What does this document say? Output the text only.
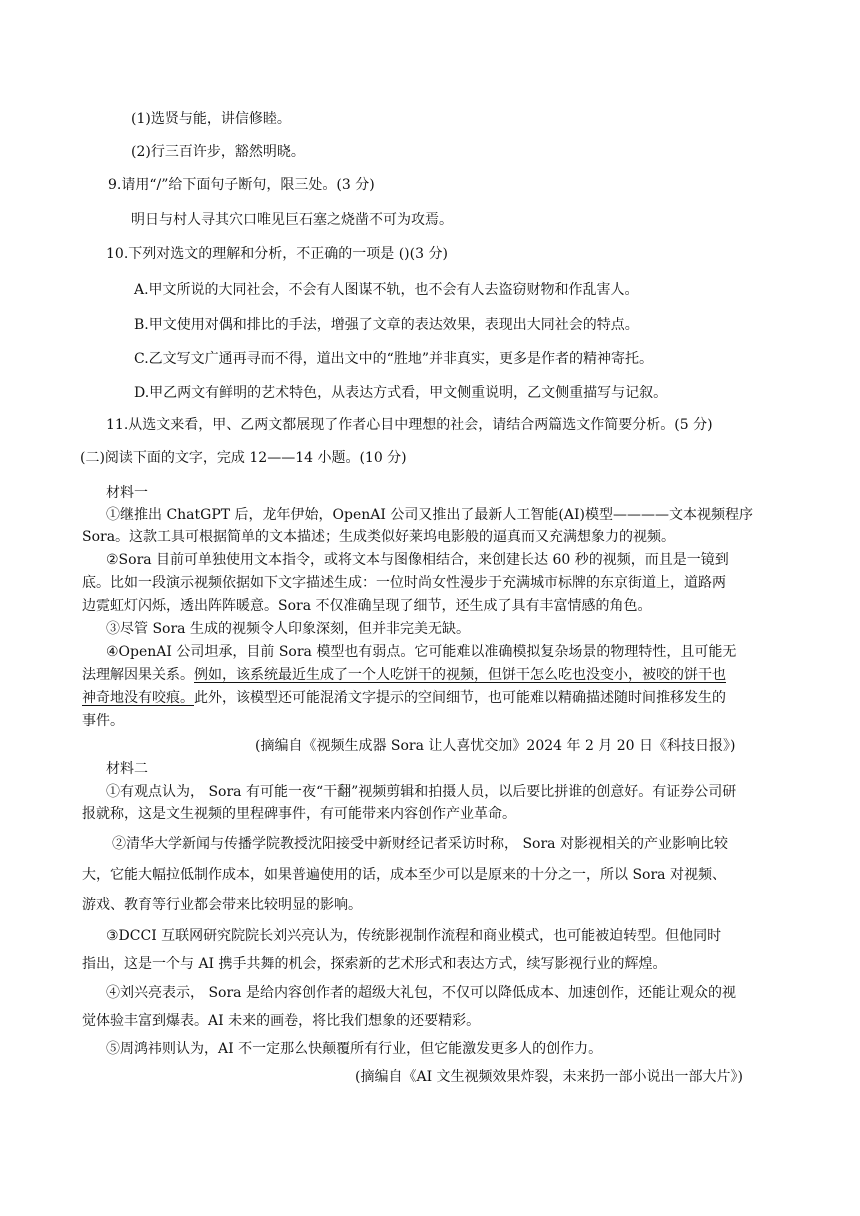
(1)选贤与能，讲信修睦。
(2)行三百许步，豁然明晓。
9.请用“/”给下面句子断句，限三处。(3 分)
明日与村人寻其穴口唯见巨石塞之烧凿不可为攻焉。
10.下列对选文的理解和分析，不正确的一项是 ()(3 分)
A.甲文所说的大同社会，不会有人图谋不轨，也不会有人去盗窃财物和作乱害人。
B.甲文使用对偶和排比的手法，增强了文章的表达效果，表现出大同社会的特点。
C.乙文写文广通再寻而不得，道出文中的“胜地”并非真实，更多是作者的精神寄托。
D.甲乙两文有鲜明的艺术特色，从表达方式看，甲文侧重说明，乙文侧重描写与记叙。
11.从选文来看，甲、乙两文都展现了作者心目中理想的社会，请结合两篇选文作简要分析。(5 分)
(二)阅读下面的文字，完成 12——14 小题。(10 分)
材料一
①继推出 ChatGPT 后，龙年伊始，OpenAI 公司又推出了最新人工智能(AI)模型————文本视频程序
Sora。这款工具可根据简单的文本描述；生成类似好莱坞电影般的逼真而又充满想象力的视频。
②Sora 目前可单独使用文本指令，或将文本与图像相结合，来创建长达 60 秒的视频，而且是一镜到
底。比如一段演示视频依据如下文字描述生成：一位时尚女性漫步于充满城市标牌的东京街道上，道路两
边霓虹灯闪烁，透出阵阵暖意。Sora 不仅准确呈现了细节，还生成了具有丰富情感的角色。
③尽管 Sora 生成的视频令人印象深刻，但并非完美无缺。
④OpenAI 公司坦承，目前 Sora 模型也有弱点。它可能难以准确模拟复杂场景的物理特性，且可能无
法理解因果关系。例如，该系统最近生成了一个人吃饼干的视频，但饼干怎么吃也没变小，被咬的饼干也
神奇地没有咬痕。此外，该模型还可能混淆文字提示的空间细节，也可能难以精确描述随时间推移发生的
事件。
(摘编自《视频生成器 Sora 让人喜忧交加》2024 年 2 月 20 日《科技日报》)
材料二
①有观点认为， Sora 有可能一夜“干翻”视频剪辑和拍摄人员，以后要比拼谁的创意好。有证券公司研
报就称，这是文生视频的里程碑事件，有可能带来内容创作产业革命。
②清华大学新闻与传播学院教授沈阳接受中新财经记者采访时称， Sora 对影视相关的产业影响比较
大，它能大幅拉低制作成本，如果普遍使用的话，成本至少可以是原来的十分之一，所以 Sora 对视频、
游戏、教育等行业都会带来比较明显的影响。
③DCCI 互联网研究院院长刘兴亮认为，传统影视制作流程和商业模式，也可能被迫转型。但他同时
指出，这是一个与 AI 携手共舞的机会，探索新的艺术形式和表达方式，续写影视行业的辉煌。
④刘兴亮表示， Sora 是给内容创作者的超级大礼包，不仅可以降低成本、加速创作，还能让观众的视
觉体验丰富到爆表。AI 未来的画卷，将比我们想象的还要精彩。
⑤周鸿祎则认为，AI 不一定那么快颠覆所有行业，但它能激发更多人的创作力。
(摘编自《AI 文生视频效果炸裂，未来扔一部小说出一部大片》)
